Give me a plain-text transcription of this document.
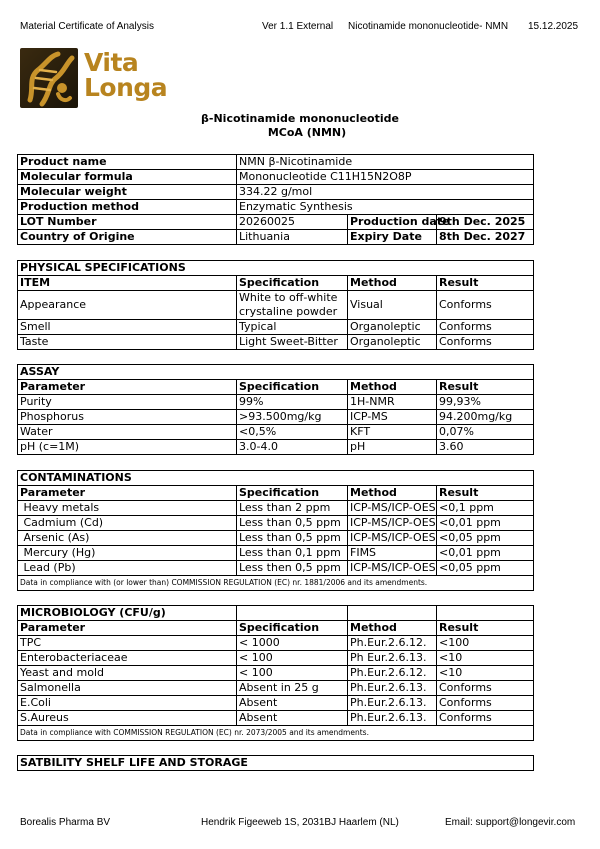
Material Certificate of Analysis	Ver 1.1 External Nicotinamide mononucleotide- NMN 15.12.2025
Vita
Longa
β-Nicotinamide mononucleotide
MCoA (NMN)
Product name	NMN β-Nicotinamide		
Molecular formula	Mononucleotide C11H15N2O8P		
Molecular weight	334.22 g/mol		
Production method	Enzymatic Synthesis		
LOT Number	20260025	Production date	9th Dec. 2025
Country of Origine	Lithuania	Expiry Date	8th Dec. 2027
PHYSICAL SPECIFICATIONS			
ITEM	Specification	Method	Result
Appearance	White to off-white crystaline powder	Visual	Conforms
Smell	Typical	Organoleptic	Conforms
Taste	Light Sweet-Bitter	Organoleptic	Conforms
ASSAY			
Parameter	Specification	Method	Result
Purity	99%	1H-NMR	99,93%
Phosphorus	>93.500mg/kg	ICP-MS	94.200mg/kg
Water	<0,5%	KFT	0,07%
pH (c=1M)	3.0-4.0	pH	3.60
CONTAMINATIONS			
Parameter	Specification	Method	Result
Heavy metals	Less than 2 ppm	ICP-MS/ICP-OES	<0,1 ppm
Cadmium (Cd)	Less than 0,5 ppm	ICP-MS/ICP-OES	<0,01 ppm
Arsenic (As)	Less than 0,5 ppm	ICP-MS/ICP-OES	<0,05 ppm
Mercury (Hg)	Less than 0,1 ppm	FIMS	<0,01 ppm
Lead (Pb)	Less then 0,5 ppm	ICP-MS/ICP-OES	<0,05 ppm
Data in compliance with (or lower than) COMMISSION REGULATION (EC) nr. 1881/2006 and its amendments.			
MICROBIOLOGY (CFU/g)			
Parameter	Specification	Method	Result
TPC	< 1000	Ph.Eur.2.6.12.	<100
Enterobacteriaceae	< 100	Ph Eur.2.6.13.	<10
Yeast and mold	< 100	Ph.Eur.2.6.12.	<10
Salmonella	Absent in 25 g	Ph.Eur.2.6.13.	Conforms
E.Coli	Absent	Ph.Eur.2.6.13.	Conforms
S.Aureus	Absent	Ph.Eur.2.6.13.	Conforms
Data in compliance with COMMISSION REGULATION (EC) nr. 2073/2005 and its amendments.			
SATBILITY SHELF LIFE AND STORAGE
Borealis Pharma BV	Hendrik Figeeweb 1S, 2031BJ Haarlem (NL)	Email: support@longevir.com
